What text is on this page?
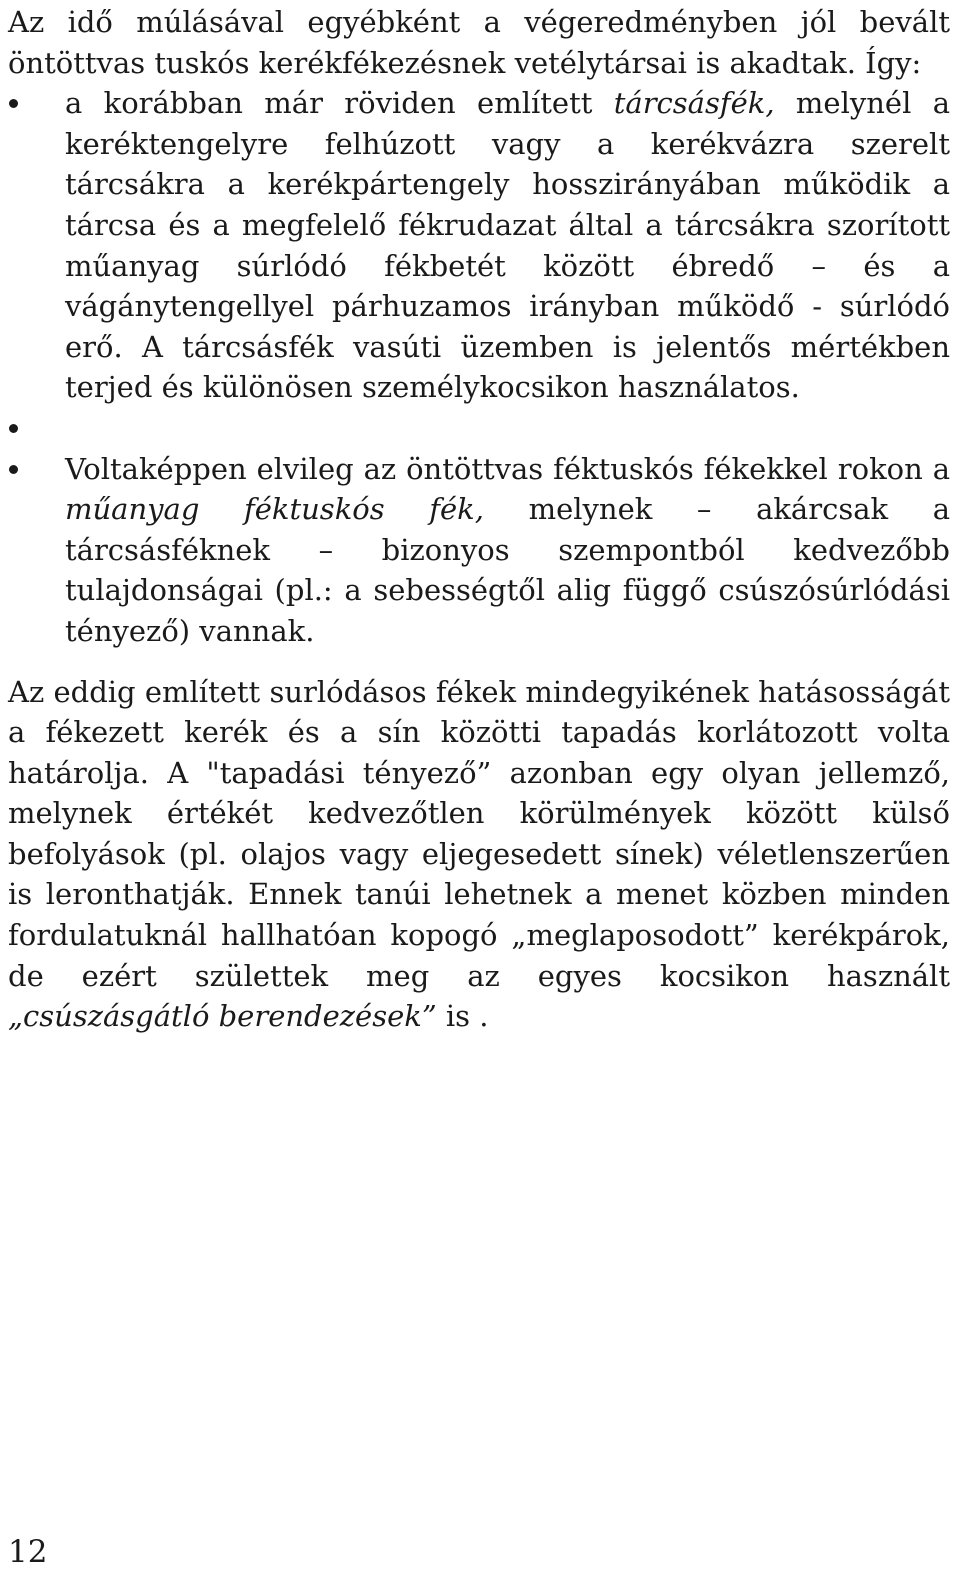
Az idő múlásával egyébként a végeredményben jól bevált öntöttvas tuskós kerékfékezésnek vetélytársai is akadtak. Így:

a korábban már röviden említett tárcsásfék, melynél a keréktengelyre felhúzott vagy a kerékvázra szerelt tárcsákra a kerékpártengely hosszirányában működik a tárcsa és a megfelelő fékrudazat által a tárcsákra szorított műanyag súrlódó fékbetét között ébredő – és a vágánytengellyel párhuzamos irányban működő - súrlódó erő. A tárcsásfék vasúti üzemben is jelentős mértékben terjed és különösen személykocsikon használatos.
Voltaképpen elvileg az öntöttvas féktuskós fékekkel rokon a műanyag féktuskós fék, melynek – akárcsak a tárcsásféknek – bizonyos szempontból kedvezőbb tulajdonságai (pl.: a sebességtől alig függő csúszósúrlódási tényező) vannak.

Az eddig említett surlódásos fékek mindegyikének hatásosságát a fékezett kerék és a sín közötti tapadás korlátozott volta határolja. A "tapadási tényező” azonban egy olyan jellemző, melynek értékét kedvezőtlen körülmények között külső befolyások (pl. olajos vagy eljegesedett sínek) véletlenszerűen is leronthatják. Ennek tanúi lehetnek a menet közben minden fordulatuknál hallhatóan kopogó „meglaposodott” kerékpárok, de ezért születtek meg az egyes kocsikon használt „csúszásgátló berendezések” is .

12
